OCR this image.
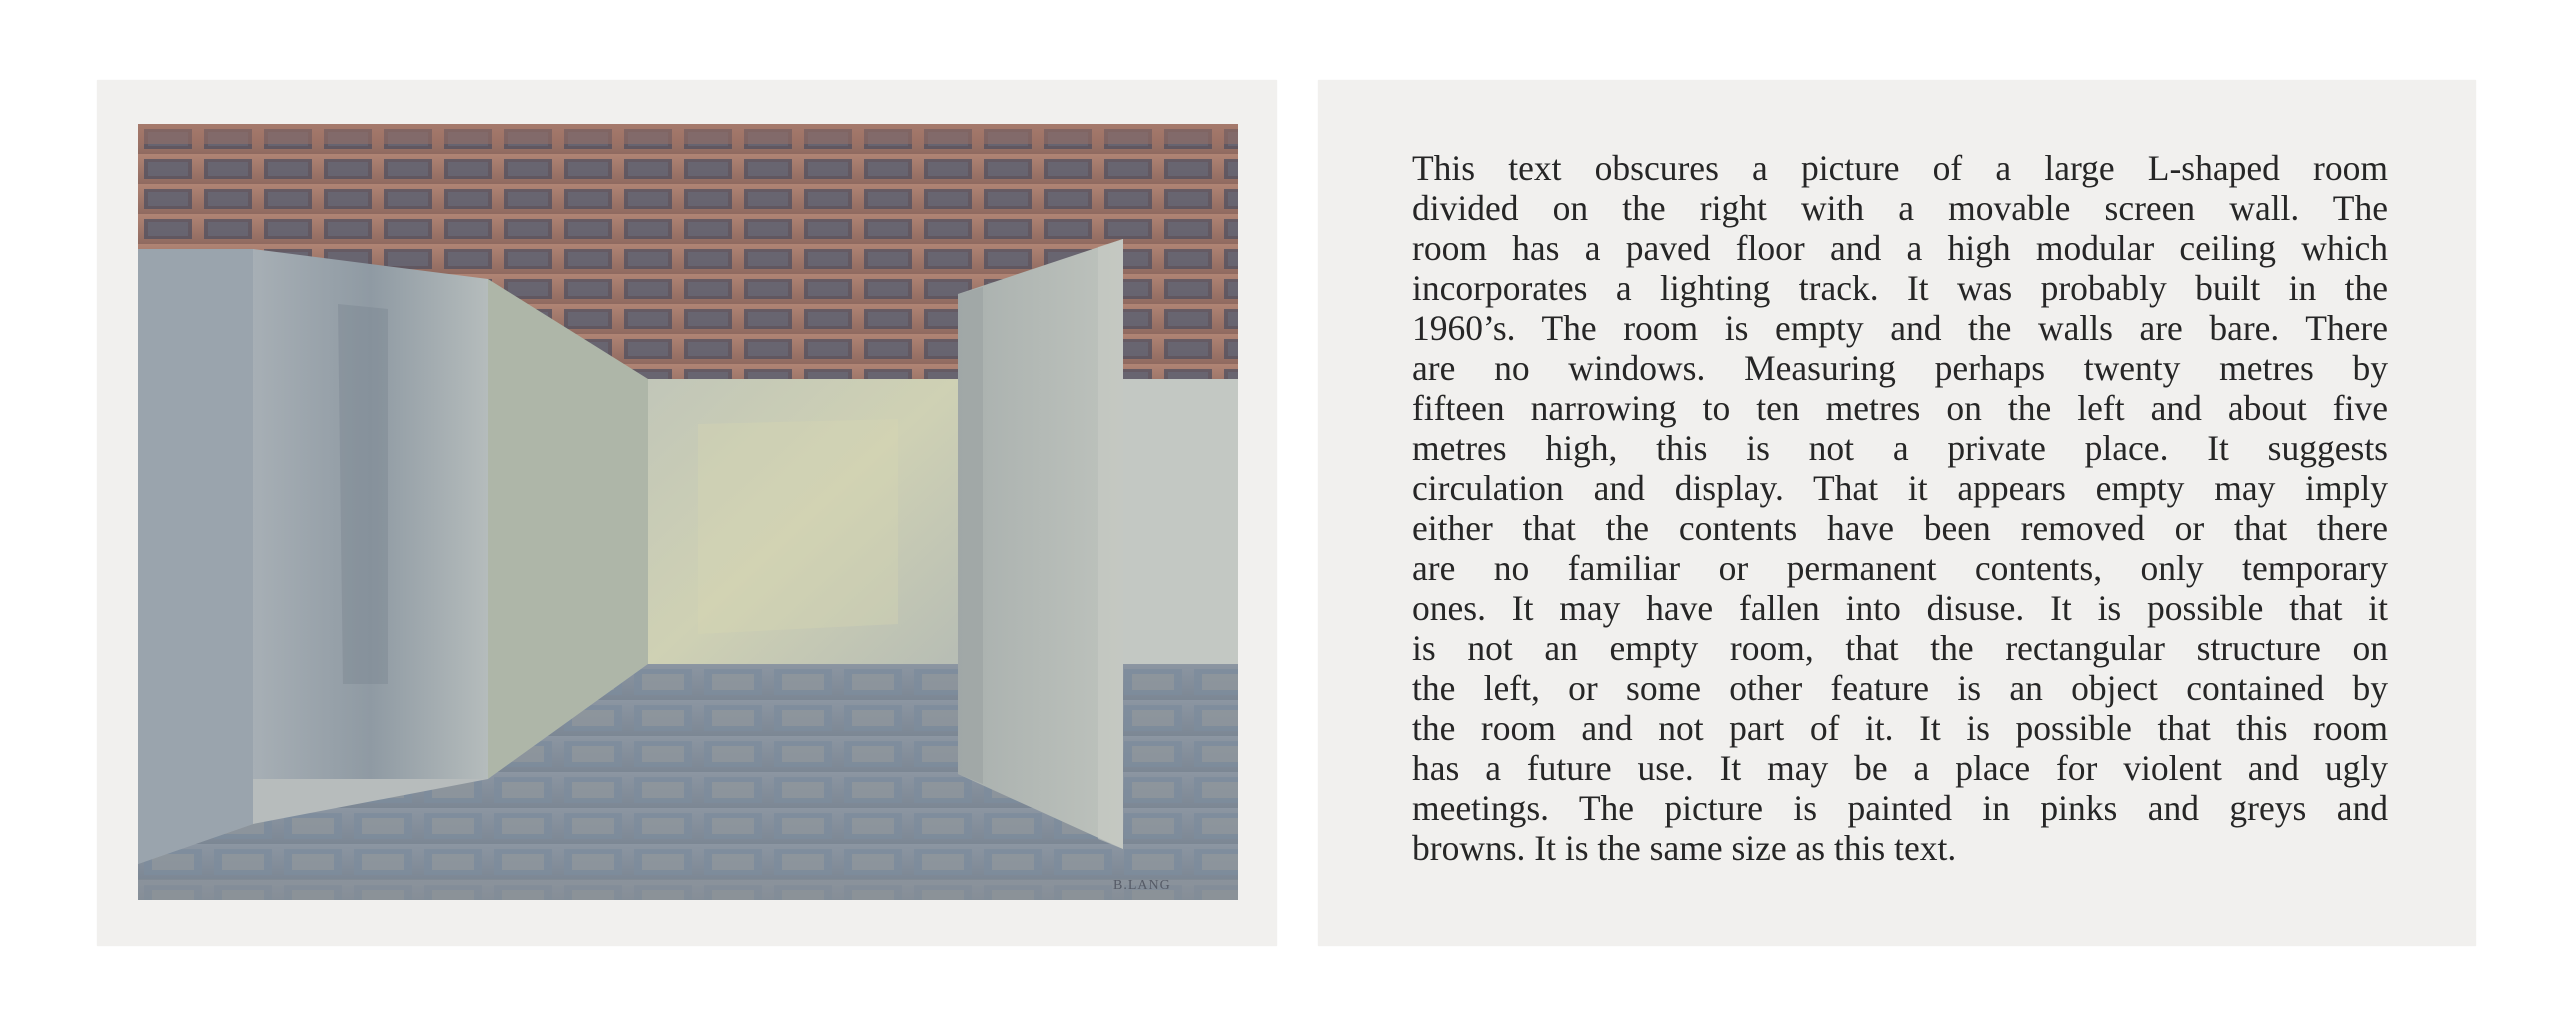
B.LANG

This text obscures a picture of a large L-shaped room
divided on the right with a movable screen wall. The
room has a paved floor and a high modular ceiling which
incorporates a lighting track. It was probably built in the
1960’s. The room is empty and the walls are bare. There
are no windows. Measuring perhaps twenty metres by
fifteen narrowing to ten metres on the left and about five
metres high, this is not a private place. It suggests
circulation and display. That it appears empty may imply
either that the contents have been removed or that there
are no familiar or permanent contents, only temporary
ones. It may have fallen into disuse. It is possible that it
is not an empty room, that the rectangular structure on
the left, or some other feature is an object contained by
the room and not part of it. It is possible that this room
has a future use. It may be a place for violent and ugly
meetings. The picture is painted in pinks and greys and
browns. It is the same size as this text.
